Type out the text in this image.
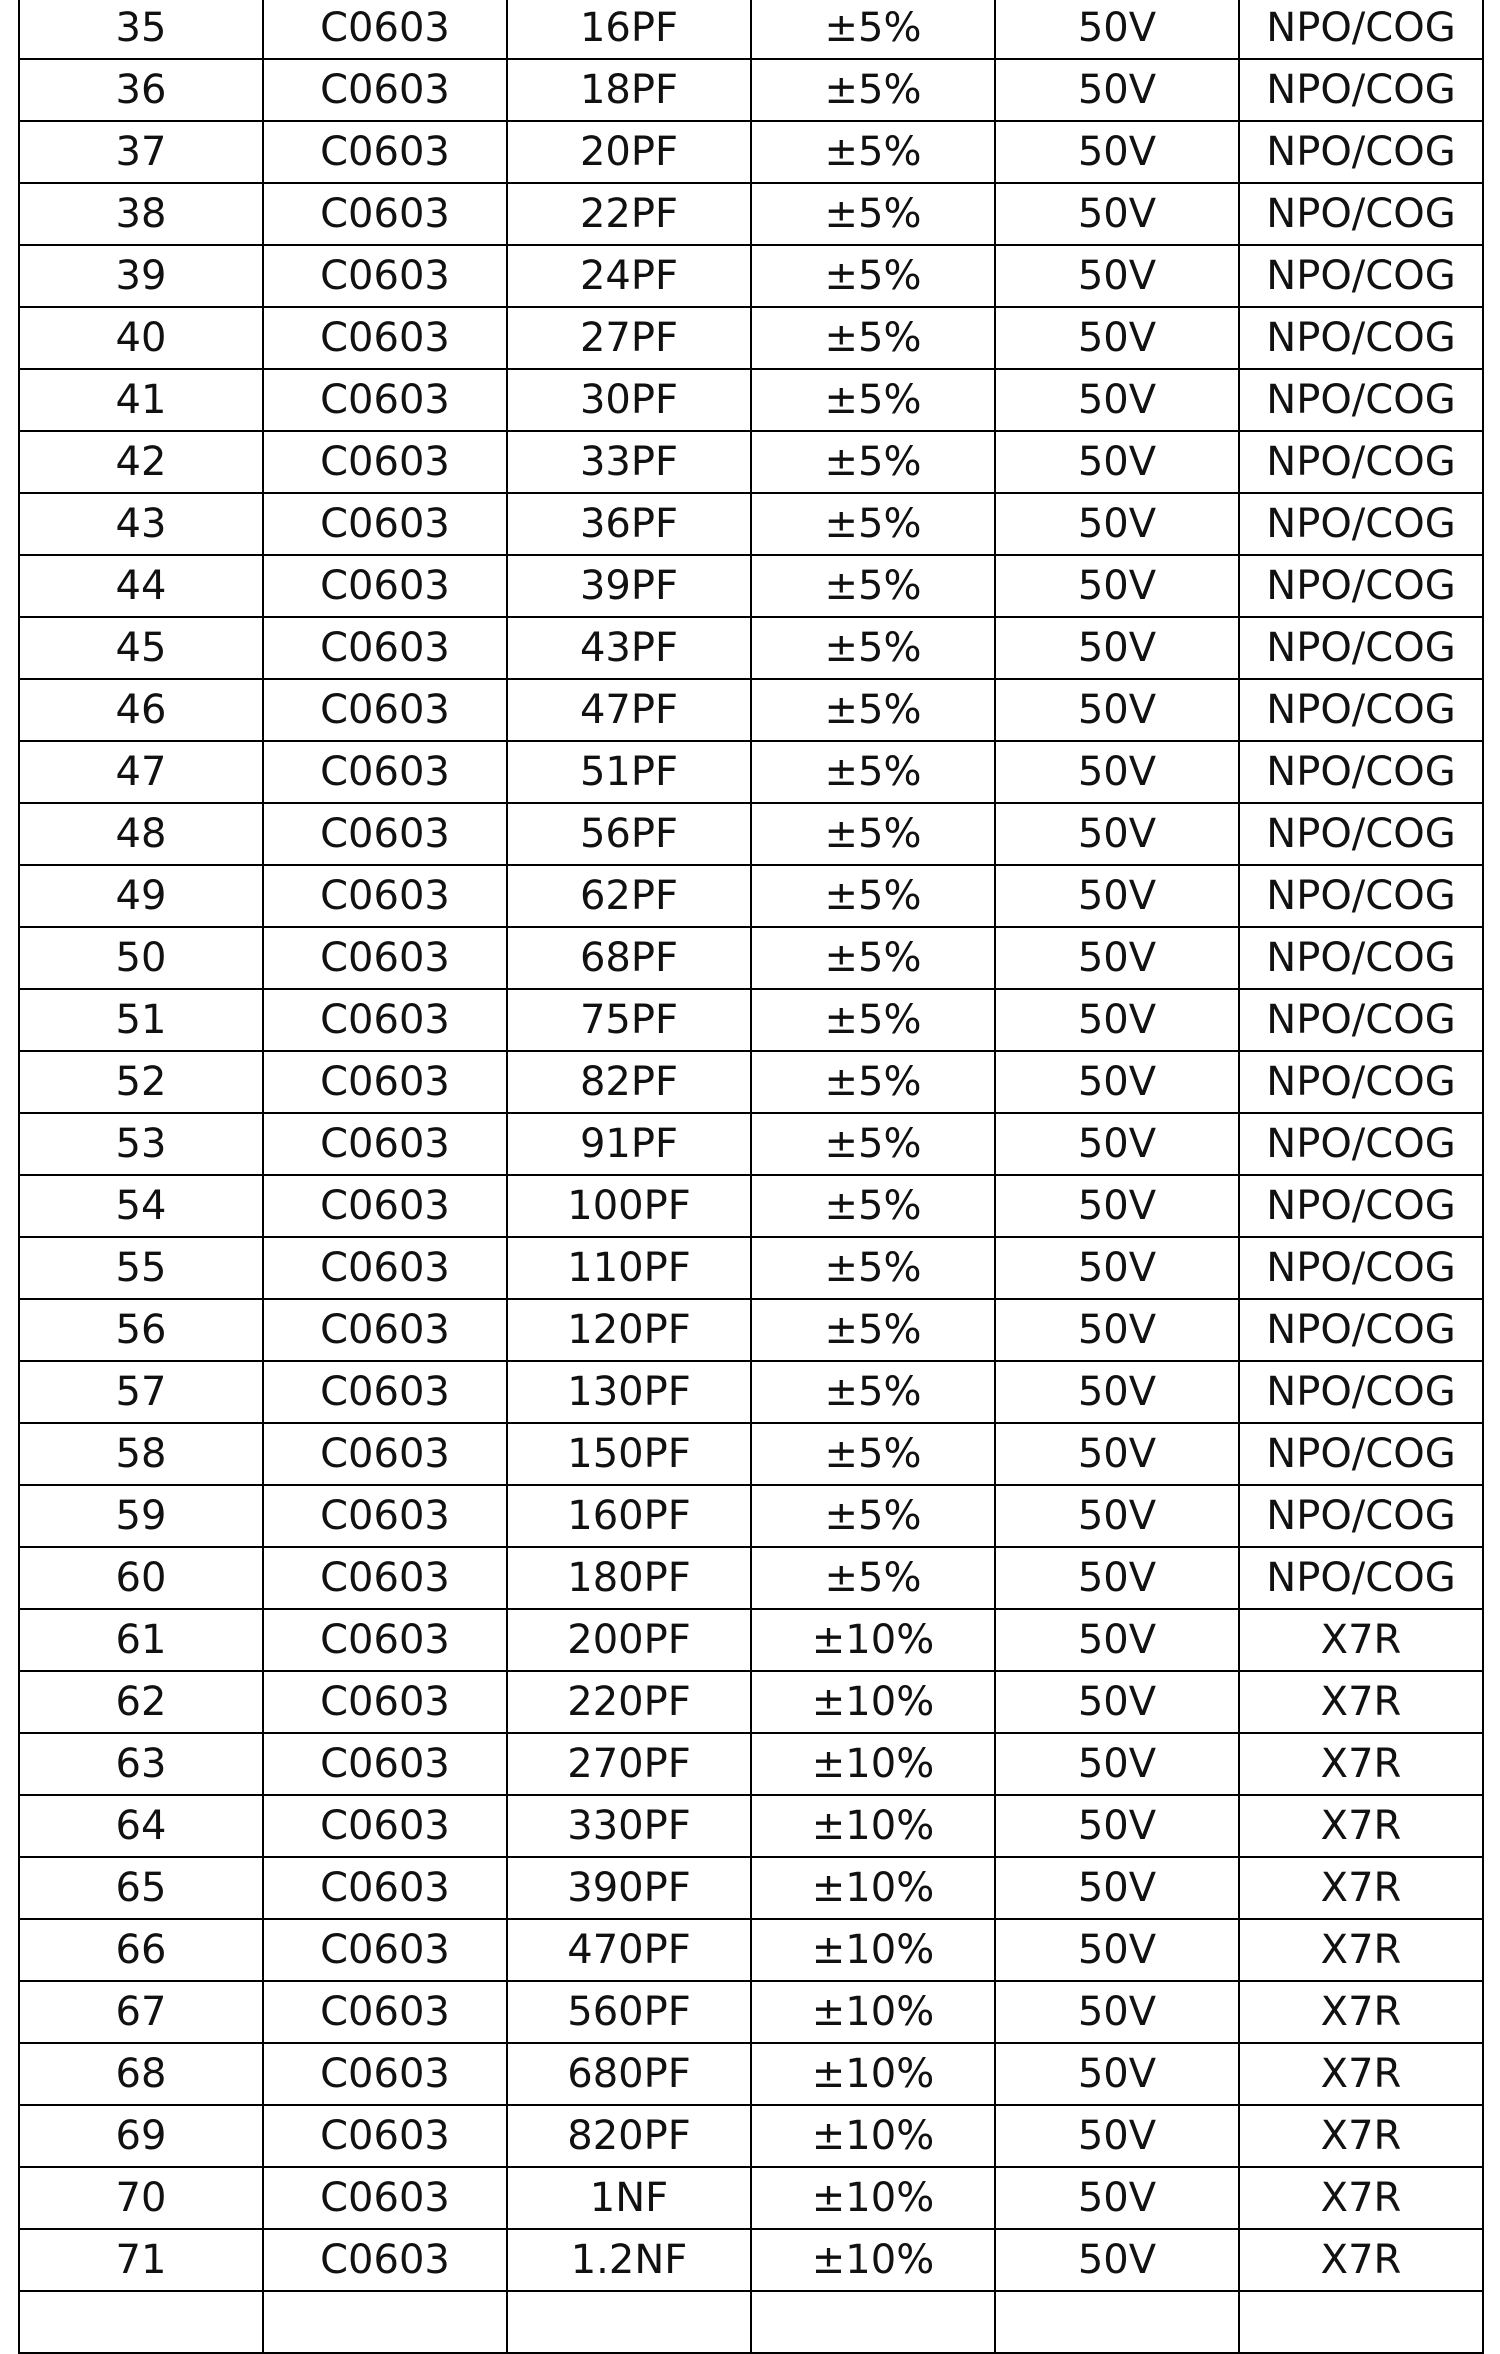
35	C0603	16PF	±5%	50V	NPO/COG
36	C0603	18PF	±5%	50V	NPO/COG
37	C0603	20PF	±5%	50V	NPO/COG
38	C0603	22PF	±5%	50V	NPO/COG
39	C0603	24PF	±5%	50V	NPO/COG
40	C0603	27PF	±5%	50V	NPO/COG
41	C0603	30PF	±5%	50V	NPO/COG
42	C0603	33PF	±5%	50V	NPO/COG
43	C0603	36PF	±5%	50V	NPO/COG
44	C0603	39PF	±5%	50V	NPO/COG
45	C0603	43PF	±5%	50V	NPO/COG
46	C0603	47PF	±5%	50V	NPO/COG
47	C0603	51PF	±5%	50V	NPO/COG
48	C0603	56PF	±5%	50V	NPO/COG
49	C0603	62PF	±5%	50V	NPO/COG
50	C0603	68PF	±5%	50V	NPO/COG
51	C0603	75PF	±5%	50V	NPO/COG
52	C0603	82PF	±5%	50V	NPO/COG
53	C0603	91PF	±5%	50V	NPO/COG
54	C0603	100PF	±5%	50V	NPO/COG
55	C0603	110PF	±5%	50V	NPO/COG
56	C0603	120PF	±5%	50V	NPO/COG
57	C0603	130PF	±5%	50V	NPO/COG
58	C0603	150PF	±5%	50V	NPO/COG
59	C0603	160PF	±5%	50V	NPO/COG
60	C0603	180PF	±5%	50V	NPO/COG
61	C0603	200PF	±10%	50V	X7R
62	C0603	220PF	±10%	50V	X7R
63	C0603	270PF	±10%	50V	X7R
64	C0603	330PF	±10%	50V	X7R
65	C0603	390PF	±10%	50V	X7R
66	C0603	470PF	±10%	50V	X7R
67	C0603	560PF	±10%	50V	X7R
68	C0603	680PF	±10%	50V	X7R
69	C0603	820PF	±10%	50V	X7R
70	C0603	1NF	±10%	50V	X7R
71	C0603	1.2NF	±10%	50V	X7R
